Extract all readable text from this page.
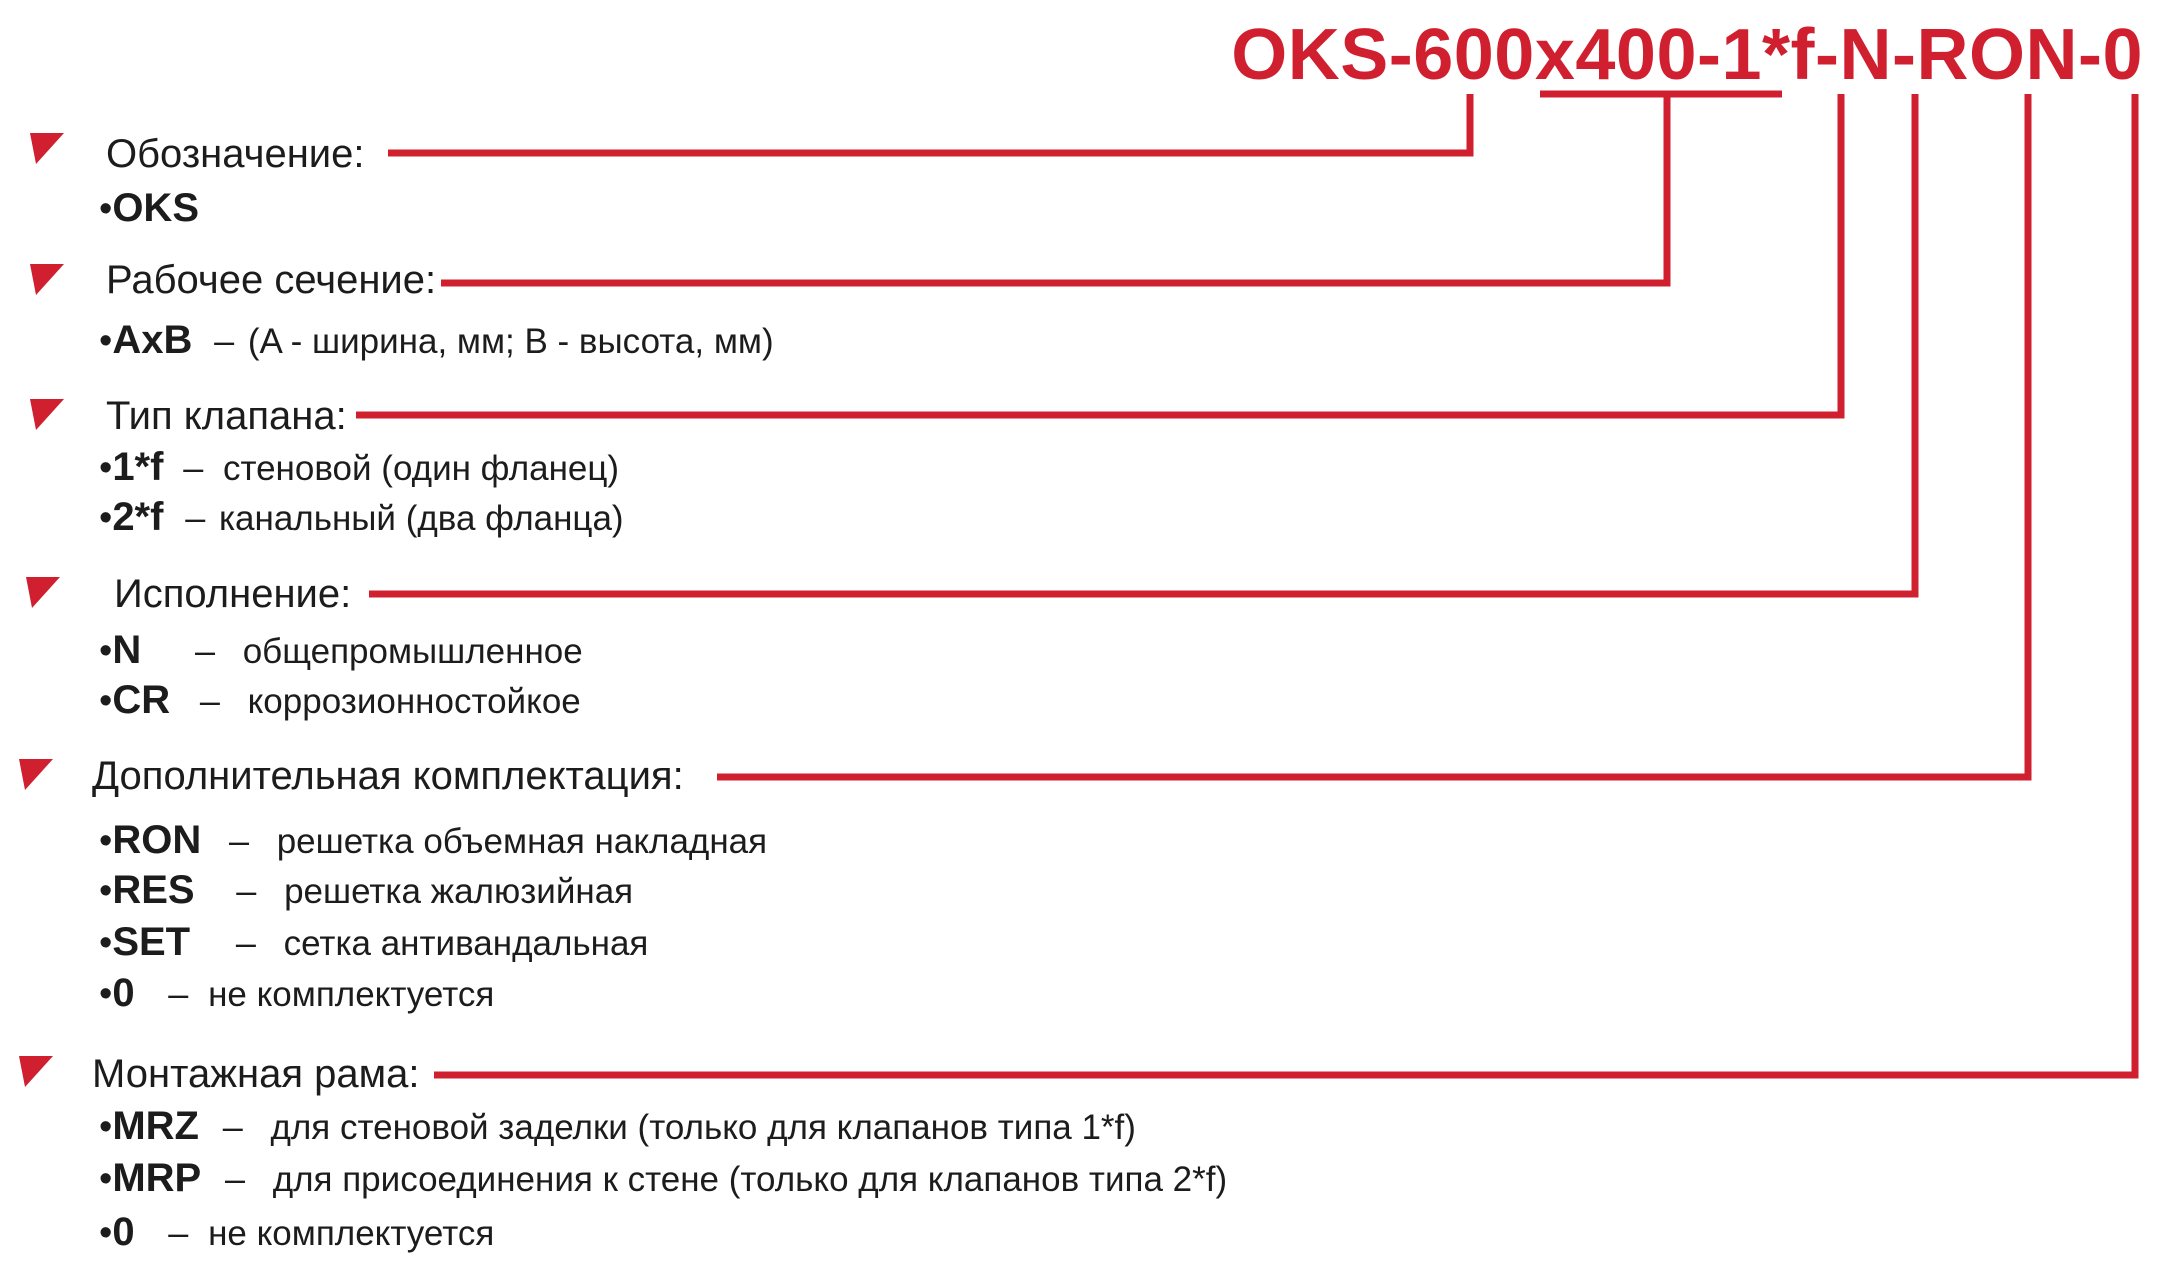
OKS-600x400-1*f-N-RON-0
Обозначение:
•OKS
Рабочее сечение:
•AxB – (A - ширина, мм; B - высота, мм)
Тип клапана:
•1*f – стеновой (один фланец)
•2*f – канальный (два фланца)
Исполнение:
•N – общепромышленное
•CR – коррозионностойкое
Дополнительная комплектация:
•RON – решетка объемная накладная
•RES – решетка жалюзийная
•SET – сетка антивандальная
•0 – не комплектуется
Монтажная рама:
•MRZ – для стеновой заделки (только для клапанов типа 1*f)
•MRP – для присоединения к стене (только для клапанов типа 2*f)
•0 – не комплектуется
